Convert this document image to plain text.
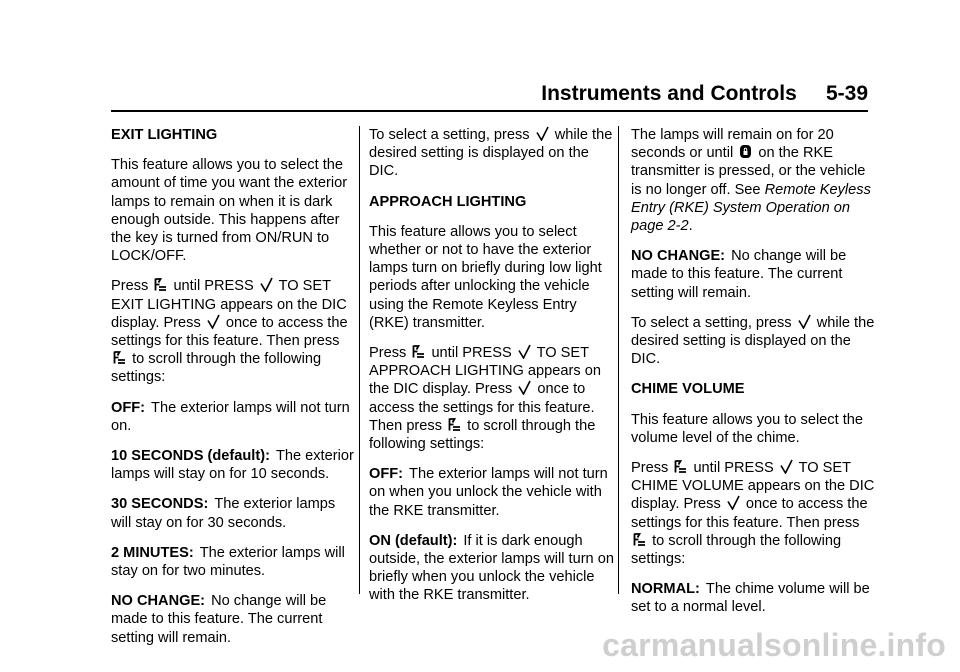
Instruments and Controls 5-39

EXIT LIGHTING

This feature allows you to select the amount of time you want the exterior lamps to remain on when it is dark enough outside. This happens after the key is turned from ON/RUN to LOCK/OFF.

Press until PRESS TO SET EXIT LIGHTING appears on the DIC display. Press once to access the settings for this feature. Then press  to scroll through the following settings:

OFF: The exterior lamps will not turn on.

10 SECONDS (default): The exterior lamps will stay on for 10 seconds.

30 SECONDS: The exterior lamps will stay on for 30 seconds.

2 MINUTES: The exterior lamps will stay on for two minutes.

NO CHANGE: No change will be made to this feature. The current setting will remain.

To select a setting, press while the desired setting is displayed on the DIC.

APPROACH LIGHTING

This feature allows you to select whether or not to have the exterior lamps turn on briefly during low light periods after unlocking the vehicle using the Remote Keyless Entry (RKE) transmitter.

Press until PRESS TO SET APPROACH LIGHTING appears on the DIC display. Press once to access the settings for this feature. Then press to scroll through the following settings:

OFF: The exterior lamps will not turn on when you unlock the vehicle with the RKE transmitter.

ON (default): If it is dark enough outside, the exterior lamps will turn on briefly when you unlock the vehicle with the RKE transmitter.

The lamps will remain on for 20 seconds or until on the RKE transmitter is pressed, or the vehicle is no longer off. See Remote Keyless Entry (RKE) System Operation on page 2-2.

NO CHANGE: No change will be made to this feature. The current setting will remain.

To select a setting, press while the desired setting is displayed on the DIC.

CHIME VOLUME

This feature allows you to select the volume level of the chime.

Press until PRESS TO SET CHIME VOLUME appears on the DIC display. Press once to access the settings for this feature. Then press  to scroll through the following settings:

NORMAL: The chime volume will be set to a normal level.

carmanualsonline.info
